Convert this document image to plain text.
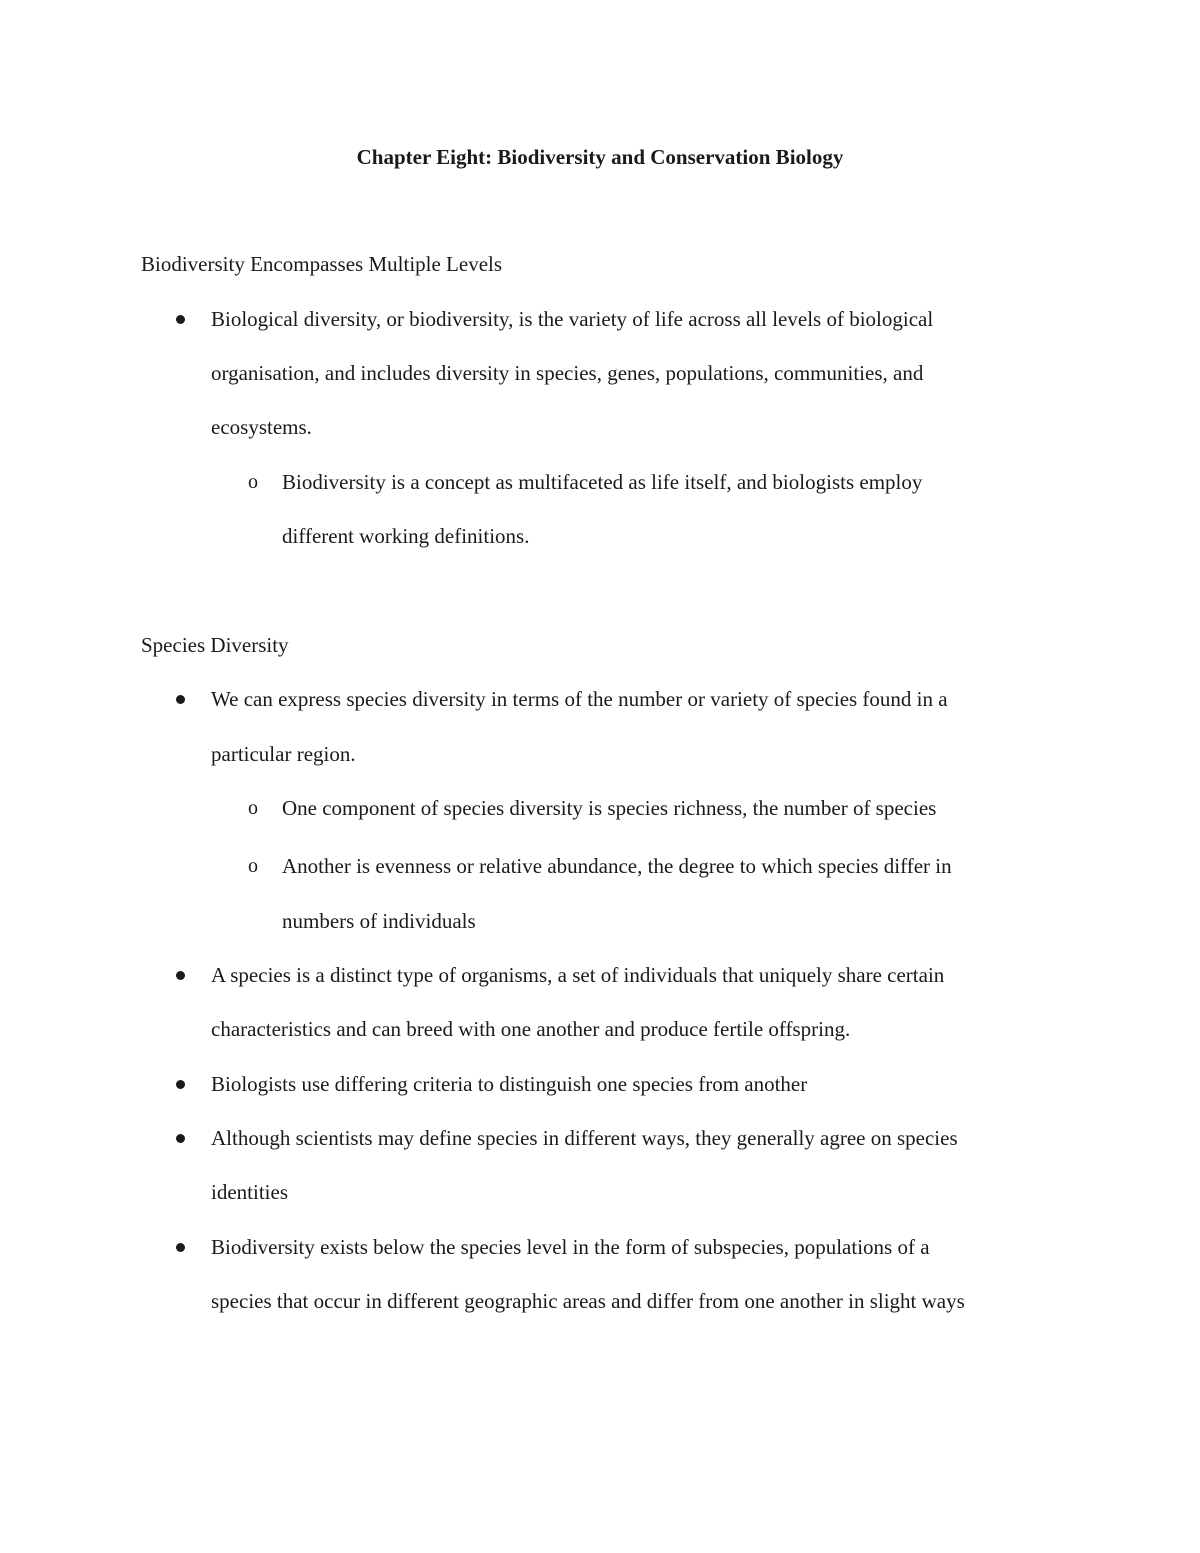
Chapter Eight: Biodiversity and Conservation Biology
Biodiversity Encompasses Multiple Levels
Biological diversity, or biodiversity, is the variety of life across all levels of biological
organisation, and includes diversity in species, genes, populations, communities, and
ecosystems.
o Biodiversity is a concept as multifaceted as life itself, and biologists employ
different working definitions.
Species Diversity
We can express species diversity in terms of the number or variety of species found in a
particular region.
o One component of species diversity is species richness, the number of species
o Another is evenness or relative abundance, the degree to which species differ in
numbers of individuals
A species is a distinct type of organisms, a set of individuals that uniquely share certain
characteristics and can breed with one another and produce fertile offspring.
Biologists use differing criteria to distinguish one species from another
Although scientists may define species in different ways, they generally agree on species
identities
Biodiversity exists below the species level in the form of subspecies, populations of a
species that occur in different geographic areas and differ from one another in slight ways
